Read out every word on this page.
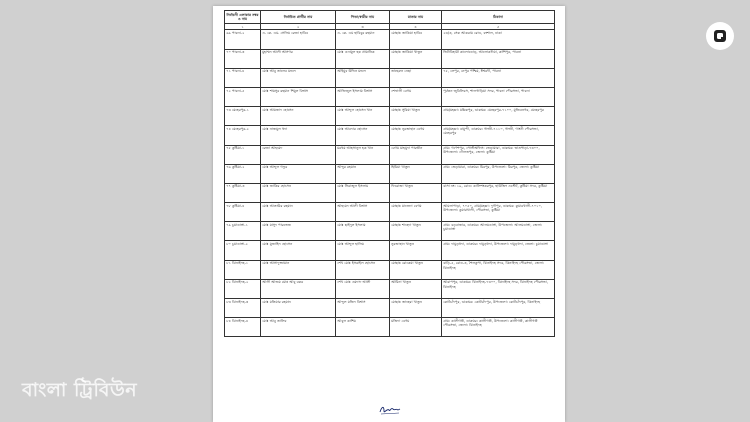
নির্বাচনী এলাকার নম্বর ও নাম	নির্বাচিত প্রার্থীর নাম	পিতা/স্বামীর নাম	মাতার নাম	ঠিকানা
১	২	৩	৪	৫
৬৯ পাবনা-২	এ. কে. এম. সেলিম রেজা হাবিব	এ. কে. এম হাবিবুর রহমান	মোছাঃ জাকিয়া হাবিব	২৩/৩, সেক আকরাম রোড, বংশাল, ঢাকা
৭০ পাবনা-৩	মুহাম্মদ আলী আসগর	মোঃ এনামুল হক প্রামানিক	মোছাঃ জাকিয়া খাতুন	ভিটাবিহারী কালোডোড়, আলোকদিয়া, কাশিপুর, পাবনা
৭১ পাবনা-৪	মোঃ আবু তালেব মন্ডল	আইয়ুব উদ্দিন মন্ডল	তাহেরুন নেছা	৭৫, লেপুর, নেপুর পশ্চিম, ঈশ্বরদী, পাবনা
৭২ পাবনা-৫	মোঃ শামসুর রহমান শিমুল বিশ্বাস	আজিজুল ইসলাম বিশ্বাস	শেফালী বেগম	পূর্বতন জুবিলিবস, শালগাড়িয়া সদর, পাবনা পৌরসভা, পাবনা
৭৩ মেহেরপুর-১	মোঃ আমজাদ হোসেন	মোঃ আব্দুল হোসেন খান	মোছাঃ সুরিয়া খাতুন	গ্রাম/মহল্লা: মল্লিকপুর, ডাকঘর: মেহেরপুর-৭১০০, মুজিবনগর, মেহেরপুর
৭৪ মেহেরপুর-২	মোঃ নাজমুল হুদা	মোঃ আবদার হোসেন	মোছাঃ নূরজাহান বেগম	গ্রাম/মহল্লা: বামুন্দী, ডাকঘর: গাংনী-৭১১০, গাংনী, গাংনী পৌরসভা, মেহেরপুর
৭৫ কুষ্টিয়া-১	রেজা আহমেদ	মরহুম আহসানুল হক খান	বেগম মাহমুদা পারভীন	গ্রাম: গণেশপুর, পোস্টঅফিস: ভেড়ামারা, ডাকঘর: ভাদ্রপাড়া-৭৩০০, উপজেলা: দৌলতপুর, জেলা: কুষ্টিয়া
৭৬ কুষ্টিয়া-২	মোঃ আব্দুল গফুর	আব্দুর রহমান	হিমিয়া খাতুন	গ্রাম: ভেড়ামারা, ডাকঘর: মিরপুর, উপজেলা: মিরপুর, জেলা: কুষ্টিয়া
৭৭ কুষ্টিয়া-৩	মোঃ জাকির হোসেন	মোঃ সিরাজুল ইসলাম	ফিরোজা খাতুন	বাসা নং: ১৯, রোড: কালিশংকরপুর, হাউজিং এস্টেট, কুষ্টিয়া সদর, কুষ্টিয়া
৭৮ কুষ্টিয়া-৪	মোঃ আতাউর রহমান	আহমেদ আলী বিশ্বাস	মোছাঃ মাজেদা বেগম	আমলাপাড়া, ৭০৫০, গ্রাম/মহল্লা: দুর্গাপুর, ডাকঘর: কুমারখালী-৭০১০, উপজেলা: কুমারখালী, পৌরসভা, কুষ্টিয়া
৭৯ চুয়াডাঙ্গা-১	মোঃ মাসুদ পারভেজ	মোঃ ছাইদুল ইসলাম	মোছাঃ শাহেদা খাতুন	গ্রাম: বড়বাজার, ডাকঘর: আলমডাঙ্গা, উপজেলা: আলমডাঙ্গা, জেলা: চুয়াডাঙ্গা
৮০ চুয়াডাঙ্গা-২	মোঃ মুজাহিদ হোসেন	মোঃ আব্দুল হালিম	নুরজাহান খাতুন	গ্রাম: দামুড়হুদা, ডাকঘর: দামুড়হুদা, উপজেলা: দামুড়হুদা, জেলা: চুয়াডাঙ্গা
৮১ ঝিনাইদহ-১	মোঃ আসাদুজ্জামান	শেখ মোঃ ইসরাইল হোসেন	মোছাঃ রোকেয়া খাতুন	বাড়ি-৫, রোড-৩, শৈলকুপা, ঝিনাইদহ সদর, ঝিনাইদহ পৌরসভা, জেলা: ঝিনাইদহ
৮২ ঝিনাইদহ-২	আলী আজম মোঃ আবু বকর	শেখ মোঃ এমদাদ আলী	আমিনা খাতুন	আরাপপুর, ডাকঘর: ঝিনাইদহ-৭৩০০, ঝিনাইদহ সদর, ঝিনাইদহ পৌরসভা, ঝিনাইদহ
৮৩ ঝিনাইদহ-৩	মোঃ মতিয়ার রহমান	আব্দুল মজিদ বিশ্বাস	মোছাঃ জাহেরা খাতুন	কোটচাঁদপুর, ডাকঘর: কোটচাঁদপুর, উপজেলা: কোটচাঁদপুর, ঝিনাইদহ
৮৪ ঝিনাইদহ-৪	মোঃ আবু তালিব	আবুল কাশিম	মজিদা বেগম	গ্রাম: কালীগঞ্জ, ডাকঘর: কালীগঞ্জ, উপজেলা: কালীগঞ্জ, কালীগঞ্জ পৌরসভা, জেলা: ঝিনাইদহ
বাংলা ট্রিবিউন
